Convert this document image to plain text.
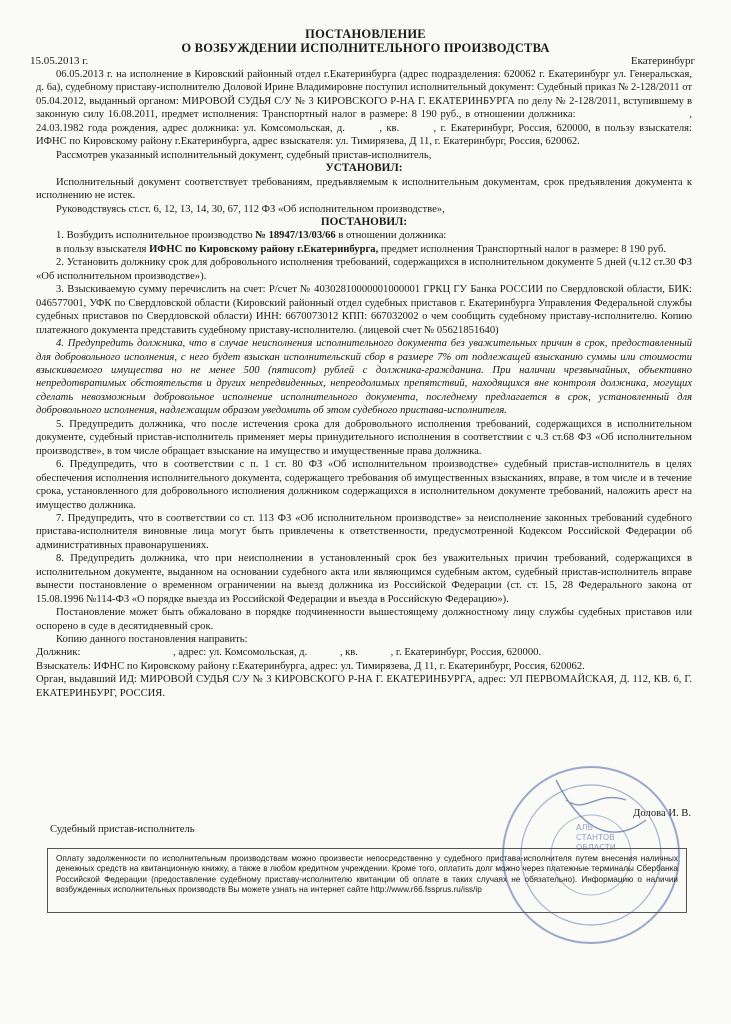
ПОСТАНОВЛЕНИЕ
О ВОЗБУЖДЕНИИ ИСПОЛНИТЕЛЬНОГО ПРОИЗВОДСТВА
15.05.2013 г.	Екатеринбург

06.05.2013 г. на исполнение в Кировский районный отдел г.Екатеринбурга (адрес подразделения: 620062 г. Екатеринбург ул. Генеральская, д. 6а), судебному приставу-исполнителю Доловой Ирине Владимировне поступил исполнительный документ: Судебный приказ № 2-128/2011 от 05.04.2012, выданный органом: МИРОВОЙ СУДЬЯ С/У № 3 КИРОВСКОГО Р-НА Г. ЕКАТЕРИНБУРГА по делу № 2-128/2011, вступившему в законную силу 16.08.2011, предмет исполнения: Транспортный налог в размере: 8 190 руб., в отношении должника:	, 24.03.1982 года рождения, адрес должника: ул. Комсомольская, д.	, кв.	, г. Екатеринбург, Россия, 620000, в пользу взыскателя: ИФНС по Кировскому району г.Екатеринбурга, адрес взыскателя: ул. Тимирязева, Д 11, г. Екатеринбург, Россия, 620062.

Рассмотрев указанный исполнительный документ, судебный пристав-исполнитель,

УСТАНОВИЛ:

Исполнительный документ соответствует требованиям, предъявляемым к исполнительным документам, срок предъявления документа к исполнению не истек.

Руководствуясь ст.ст. 6, 12, 13, 14, 30, 67, 112 ФЗ «Об исполнительном производстве»,

ПОСТАНОВИЛ:

1. Возбудить исполнительное производство № 18947/13/03/66 в отношении должника:

в пользу взыскателя ИФНС по Кировскому району г.Екатеринбурга, предмет исполнения Транспортный налог в размере: 8 190 руб.

2. Установить должнику срок для добровольного исполнения требований, содержащихся в исполнительном документе 5 дней (ч.12 ст.30 ФЗ «Об исполнительном производстве»).

3. Взыскиваемую сумму перечислить на счет: Р/счет № 40302810000001000001 ГРКЦ ГУ Банка РОССИИ по Свердловской области, БИК: 046577001, УФК по Свердловской области (Кировский районный отдел судебных приставов г. Екатеринбурга Управления Федеральной службы судебных приставов по Свердловской области) ИНН: 6670073012 КПП: 667032002 о чем сообщить судебному приставу-исполнителю. Копию платежного документа представить судебному приставу-исполнителю. (лицевой счет № 05621851640)

4. Предупредить должника, что в случае неисполнения исполнительного документа без уважительных причин в срок, предоставленный для добровольного исполнения, с него будет взыскан исполнительский сбор в размере 7% от подлежащей взысканию суммы или стоимости взыскиваемого имущества но не менее 500 (пятисот) рублей с должника-гражданина. При наличии чрезвычайных, объективно непредотвратимых обстоятельств и других непредвиденных, непреодолимых препятствий, находящихся вне контроля должника, могущих сделать невозможным добровольное исполнение исполнительного документа, последнему предлагается в срок, установленный для добровольного исполнения, надлежащим образом уведомить об этом судебного пристава-исполнителя.

5. Предупредить должника, что после истечения срока для добровольного исполнения требований, содержащихся в исполнительном документе, судебный пристав-исполнитель применяет меры принудительного исполнения в соответствии с ч.3 ст.68 ФЗ «Об исполнительном производстве», в том числе обращает взыскание на имущество и имущественные права должника.

6. Предупредить, что в соответствии с п. 1 ст. 80 ФЗ «Об исполнительном производстве» судебный пристав-исполнитель в целях обеспечения исполнения исполнительного документа, содержащего требования об имущественных взысканиях, вправе, в том числе и в течение срока, установленного для добровольного исполнения должником содержащихся в исполнительном документе требований, наложить арест на имущество должника.

7. Предупредить, что в соответствии со ст. 113 ФЗ «Об исполнительном производстве» за неисполнение законных требований судебного пристава-исполнителя виновные лица могут быть привлечены к ответственности, предусмотренной Кодексом Российской Федерации об административных правонарушениях.

8. Предупредить должника, что при неисполнении в установленный срок без уважительных причин требований, содержащихся в исполнительном документе, выданном на основании судебного акта или являющимся судебным актом, судебный пристав-исполнитель вправе вынести постановление о временном ограничении на выезд должника из Российской Федерации (ст. ст. 15, 28 Федерального закона от 15.08.1996 №114-ФЗ «О порядке выезда из Российской Федерации и въезда в Российскую Федерацию»).

Постановление может быть обжаловано в порядке подчиненности вышестоящему должностному лицу службы судебных приставов или оспорено в суде в десятидневный срок.

Копию данного постановления направить:

Должник:	, адрес: ул. Комсомольская, д.	, кв.	, г. Екатеринбург, Россия, 620000.

Взыскатель: ИФНС по Кировскому району г.Екатеринбурга, адрес: ул. Тимирязева, Д 11, г. Екатеринбург, Россия, 620062.

Орган, выдавший ИД: МИРОВОЙ СУДЬЯ С/У № 3 КИРОВСКОГО Р-НА Г. ЕКАТЕРИНБУРГА, адрес: УЛ ПЕРВОМАЙСКАЯ, Д. 112, КВ. 6, Г. ЕКАТЕРИНБУРГ, РОССИЯ.

Долова И. В.
Судебный пристав-исполнитель	АЛЬ
СТАНТОВ
ОБЛАСТИ
Оплату задолженности по исполнительным производствам можно произвести непосредственно у судебного пристава-исполнителя путем внесения наличных денежных средств на квитанционную книжку, а также в любом кредитном учреждении. Кроме того, оплатить долг можно через платежные терминалы Сбербанка Российской Федерации (предоставление судебному приставу-исполнителю квитанции об оплате в таких случаях не обязательно). Информацию о наличии возбужденных исполнительных производств Вы можете узнать на интернет сайте http://www.r66.fssprus.ru/iss/ip
